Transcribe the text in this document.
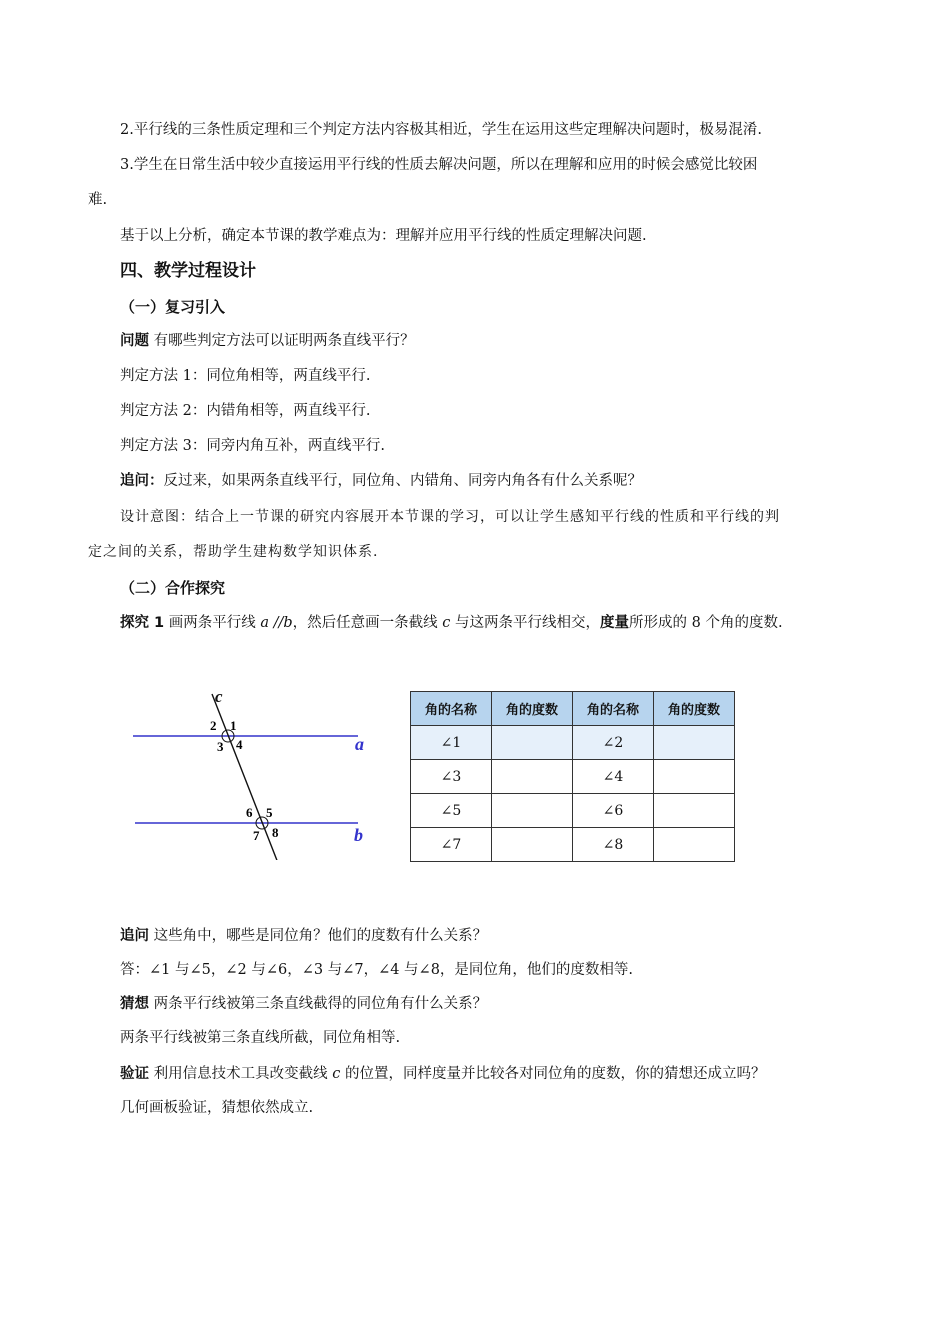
2.平行线的三条性质定理和三个判定方法内容极其相近，学生在运用这些定理解决问题时，极易混淆.
3.学生在日常生活中较少直接运用平行线的性质去解决问题，所以在理解和应用的时候会感觉比较困
难.
基于以上分析，确定本节课的教学难点为：理解并应用平行线的性质定理解决问题.
四、教学过程设计
（一）复习引入
问题 有哪些判定方法可以证明两条直线平行？
判定方法 1：同位角相等，两直线平行.
判定方法 2：内错角相等，两直线平行.
判定方法 3：同旁内角互补，两直线平行.
追问：反过来，如果两条直线平行，同位角、内错角、同旁内角各有什么关系呢？
设计意图：结合上一节课的研究内容展开本节课的学习，可以让学生感知平行线的性质和平行线的判
定之间的关系，帮助学生建构数学知识体系.
（二）合作探究
探究 1 画两条平行线 a //b，然后任意画一条截线 c 与这两条平行线相交，度量所形成的 8 个角的度数.
c
a
b
1
2
3 4
5
6
7 8
角的名称	角的度数	角的名称	角的度数
∠1		∠2	
∠3		∠4	
∠5		∠6	
∠7		∠8	
追问 这些角中，哪些是同位角？他们的度数有什么关系？
答：∠1 与∠5，∠2 与∠6，∠3 与∠7，∠4 与∠8，是同位角，他们的度数相等.
猜想 两条平行线被第三条直线截得的同位角有什么关系？
两条平行线被第三条直线所截，同位角相等.
验证 利用信息技术工具改变截线 c 的位置，同样度量并比较各对同位角的度数，你的猜想还成立吗？
几何画板验证，猜想依然成立.
